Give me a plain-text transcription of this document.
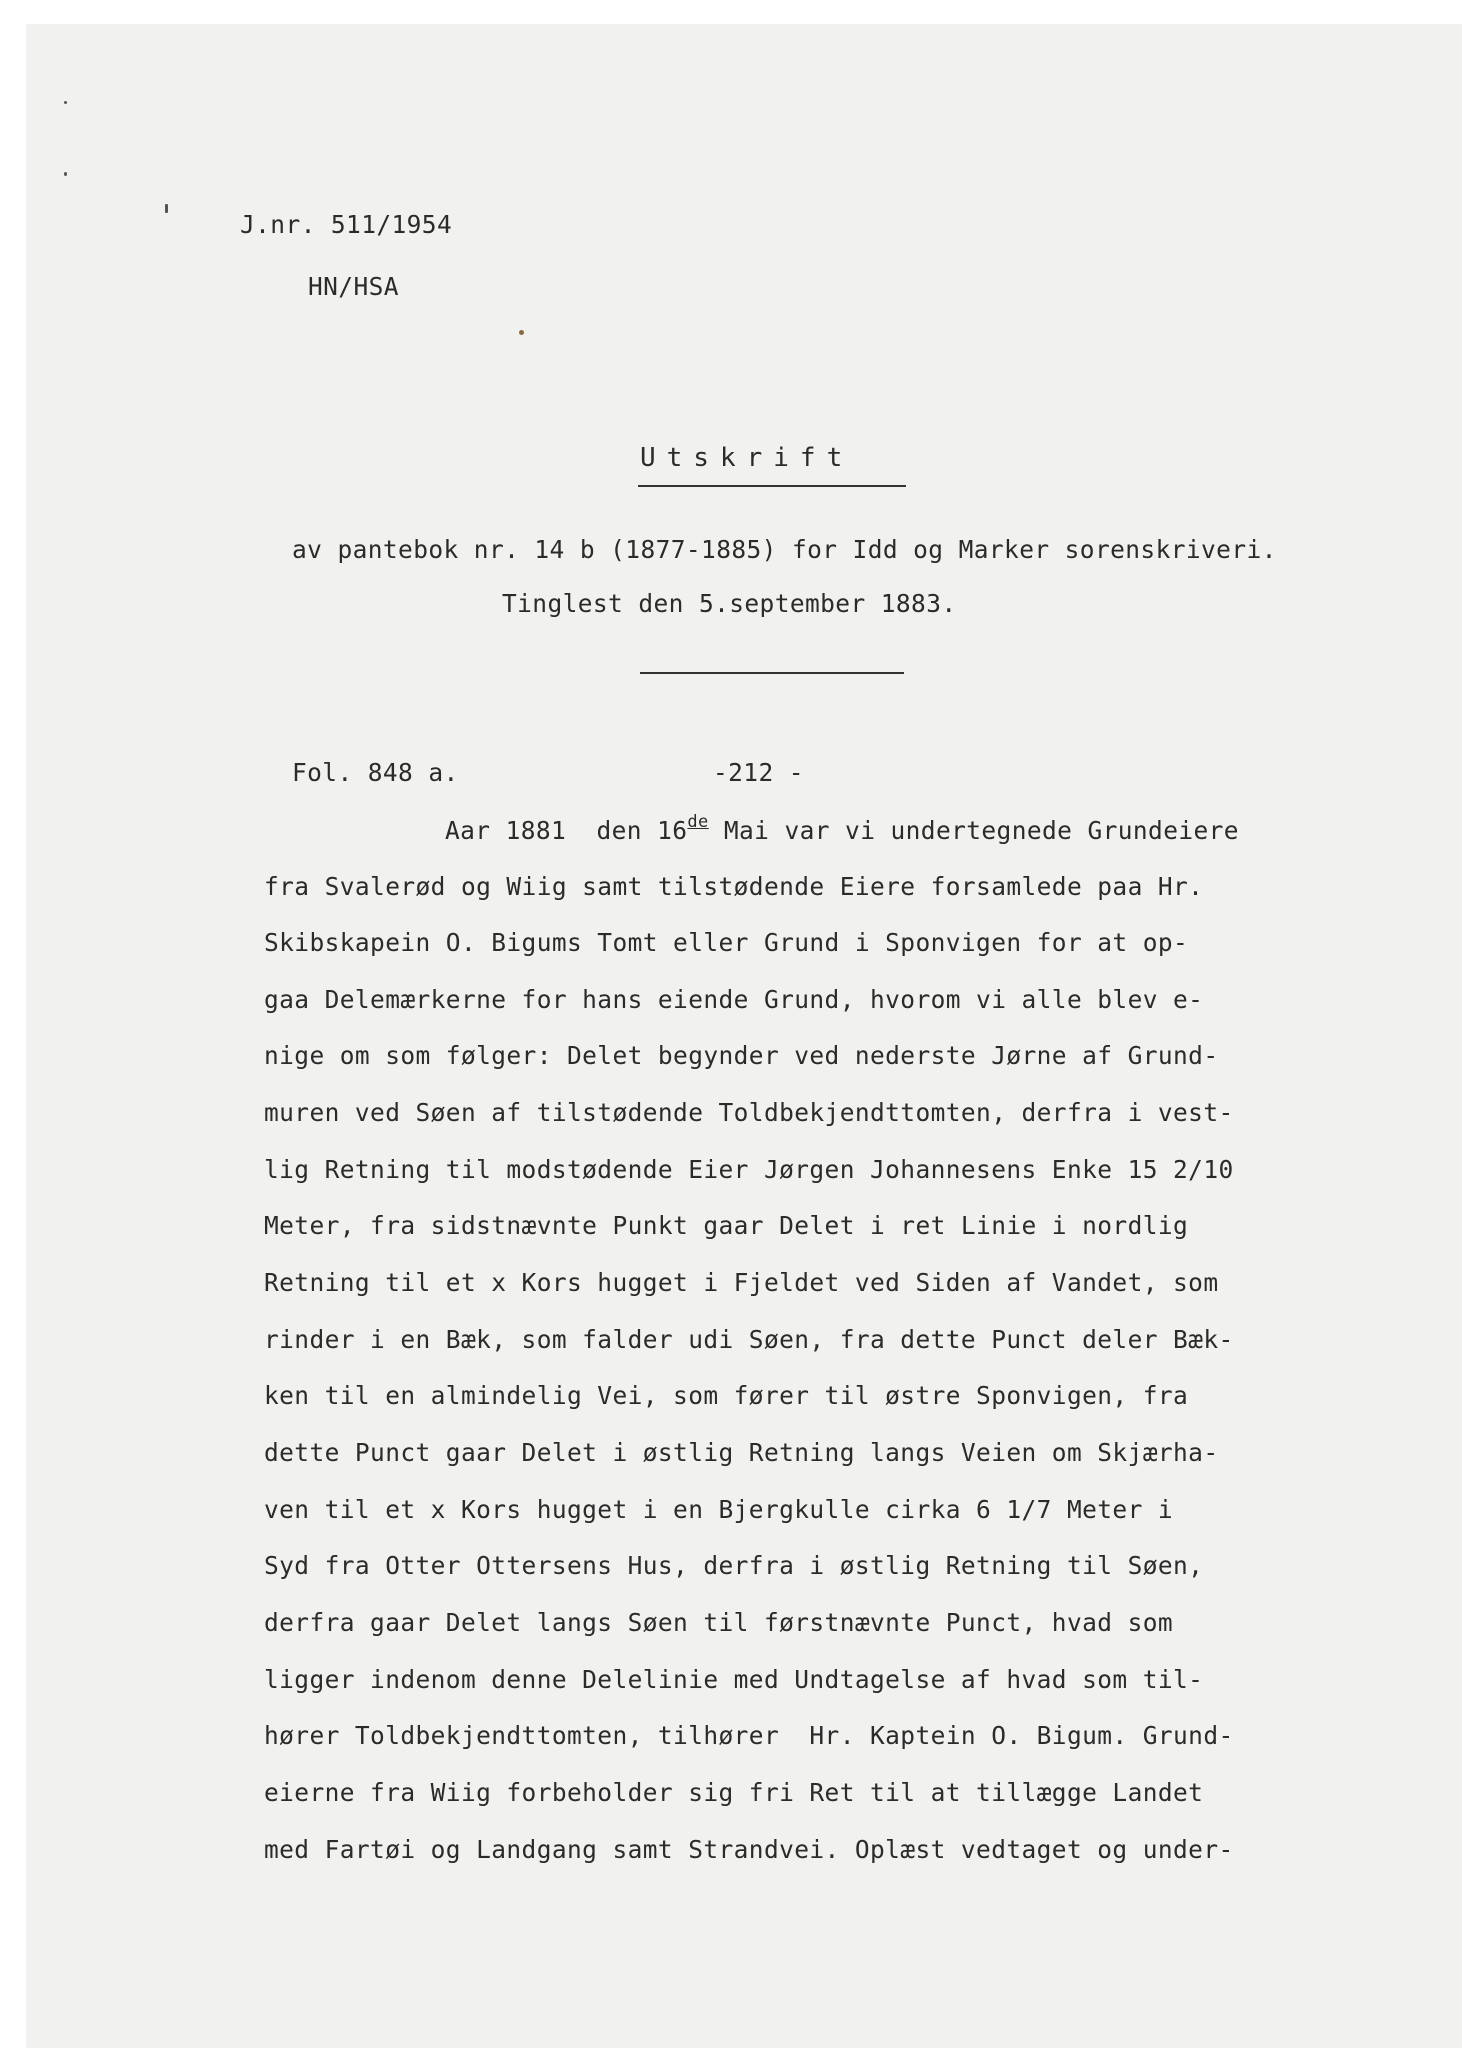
J.nr. 511/1954
HN/HSA
Utskrift
av pantebok nr. 14 b (1877-1885) for Idd og Marker sorenskriveri.
Tinglest den 5.september 1883.
Fol. 848 a.	-212 -
Aar 1881  den 16de Mai var vi undertegnede Grundeiere
fra Svalerød og Wiig samt tilstødende Eiere forsamlede paa Hr.
Skibskapein O. Bigums Tomt eller Grund i Sponvigen for at op-
gaa Delemærkerne for hans eiende Grund, hvorom vi alle blev e-
nige om som følger: Delet begynder ved nederste Jørne af Grund-
muren ved Søen af tilstødende Toldbekjendttomten, derfra i vest-
lig Retning til modstødende Eier Jørgen Johannesens Enke 15 2/10
Meter, fra sidstnævnte Punkt gaar Delet i ret Linie i nordlig
Retning til et x Kors hugget i Fjeldet ved Siden af Vandet, som
rinder i en Bæk, som falder udi Søen, fra dette Punct deler Bæk-
ken til en almindelig Vei, som fører til østre Sponvigen, fra
dette Punct gaar Delet i østlig Retning langs Veien om Skjærha-
ven til et x Kors hugget i en Bjergkulle cirka 6 1/7 Meter i
Syd fra Otter Ottersens Hus, derfra i østlig Retning til Søen,
derfra gaar Delet langs Søen til førstnævnte Punct, hvad som
ligger indenom denne Delelinie med Undtagelse af hvad som til-
hører Toldbekjendttomten, tilhører  Hr. Kaptein O. Bigum. Grund-
eierne fra Wiig forbeholder sig fri Ret til at tillægge Landet
med Fartøi og Landgang samt Strandvei. Oplæst vedtaget og under-
